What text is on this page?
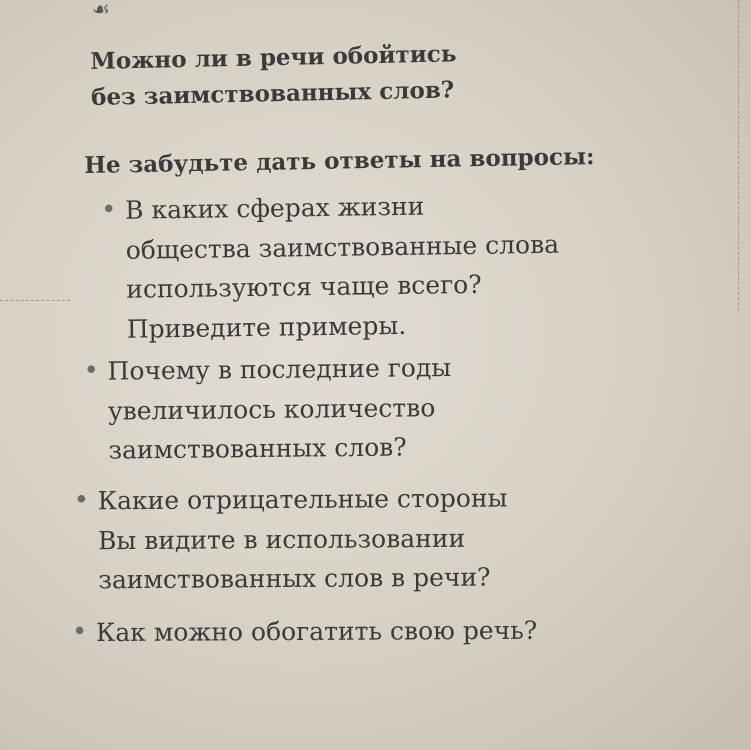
☙
Можно ли в речи обойтись
без заимствованных слов?
Не забудьте дать ответы на вопросы:
• В каких сферах жизни
общества заимствованные слова
используются чаще всего?
Приведите примеры.
• Почему в последние годы
увеличилось количество
заимствованных слов?
• Какие отрицательные стороны
Вы видите в использовании
заимствованных слов в речи?
• Как можно обогатить свою речь?
